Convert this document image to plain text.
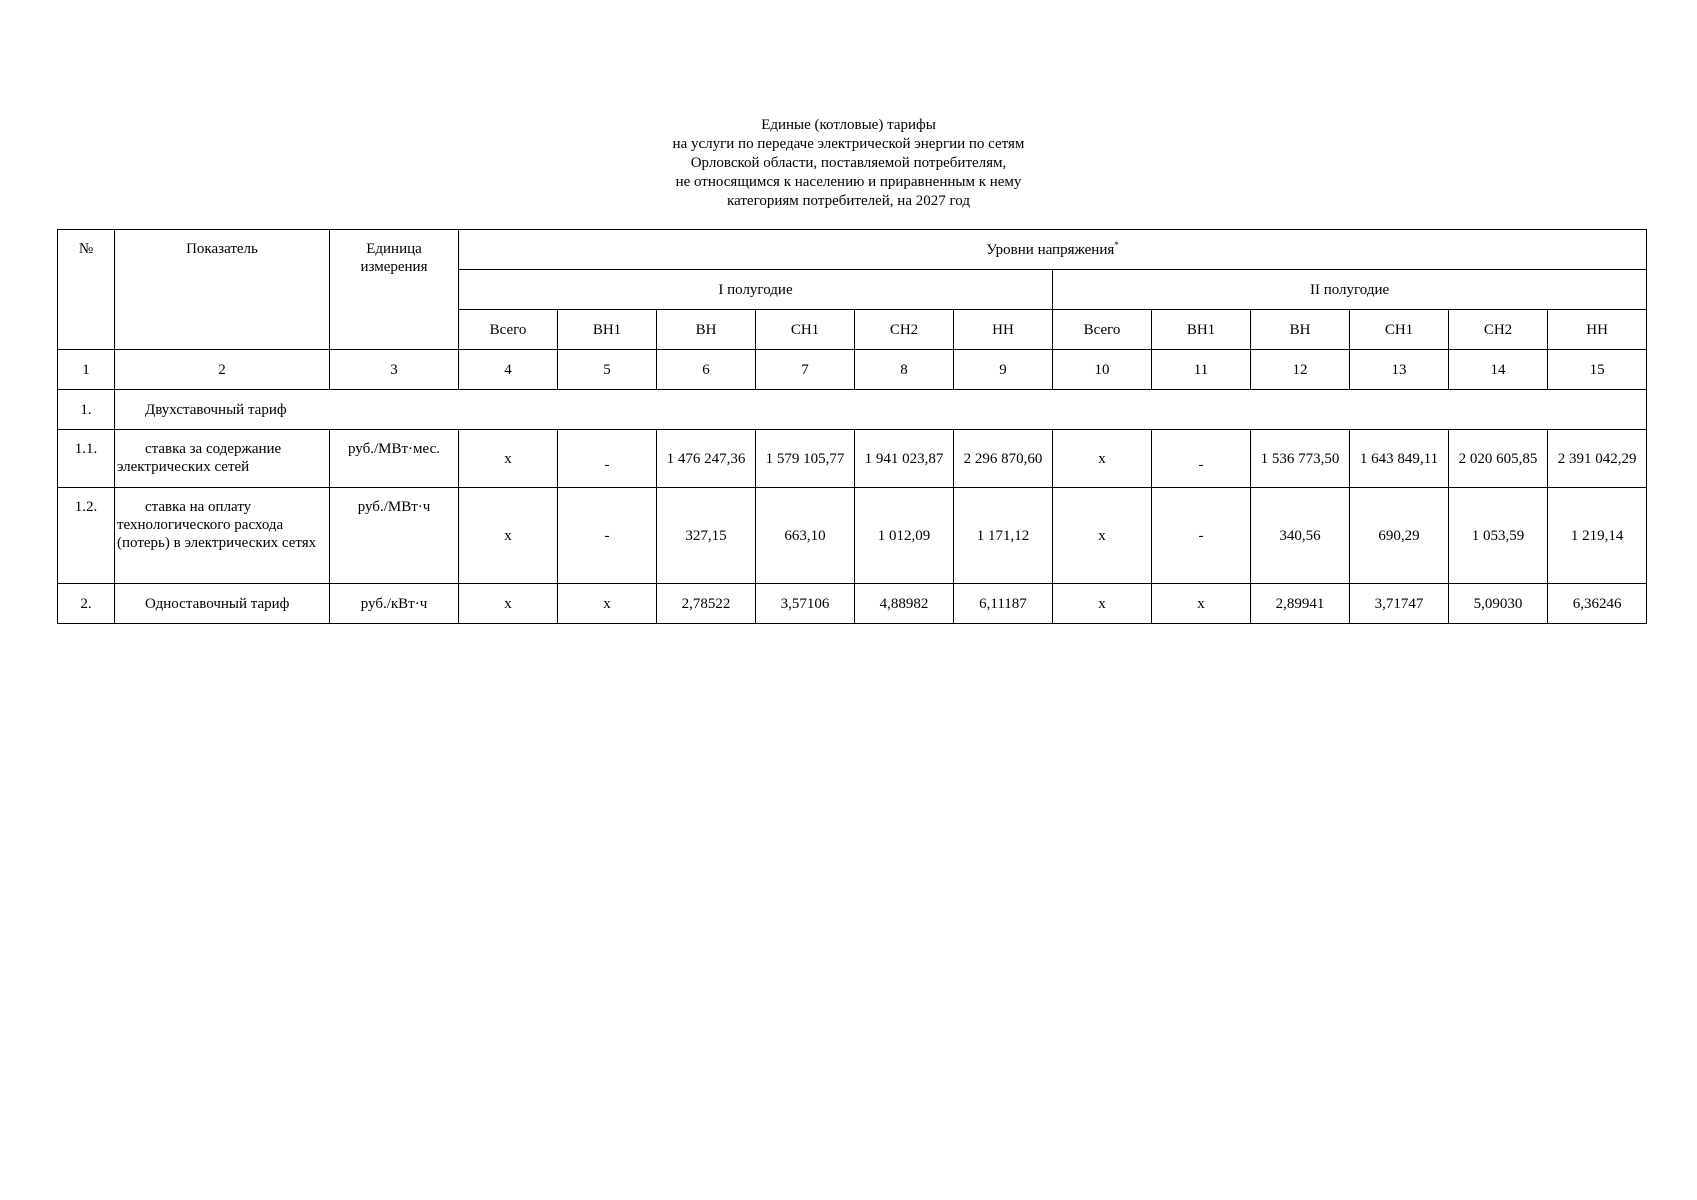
Единые (котловые) тарифы
на услуги по передаче электрической энергии по сетям
Орловской области, поставляемой потребителям,
не относящимся к населению и приравненным к нему
категориям потребителей, на 2027 год
№	Показатель	Единица измерения	Уровни напряжения*
			I полугодие						II полугодие					
			Всего	ВН1	ВН	СН1	СН2	НН	Всего	ВН1	ВН	СН1	СН2	НН
1	2	3	4	5	6	7	8	9	10	11	12	13	14	15
1.	Двухставочный тариф													
1.1.	ставка за содержание электрических сетей	руб./МВт·мес.	х	-	1 476 247,36	1 579 105,77	1 941 023,87	2 296 870,60	х	-	1 536 773,50	1 643 849,11	2 020 605,85	2 391 042,29
1.2.	ставка на оплату технологического расхода (потерь) в электрических сетях	руб./МВт·ч	х	-	327,15	663,10	1 012,09	1 171,12	х	-	340,56	690,29	1 053,59	1 219,14
2.	Одноставочный тариф	руб./кВт·ч	х	х	2,78522	3,57106	4,88982	6,11187	х	х	2,89941	3,71747	5,09030	6,36246
